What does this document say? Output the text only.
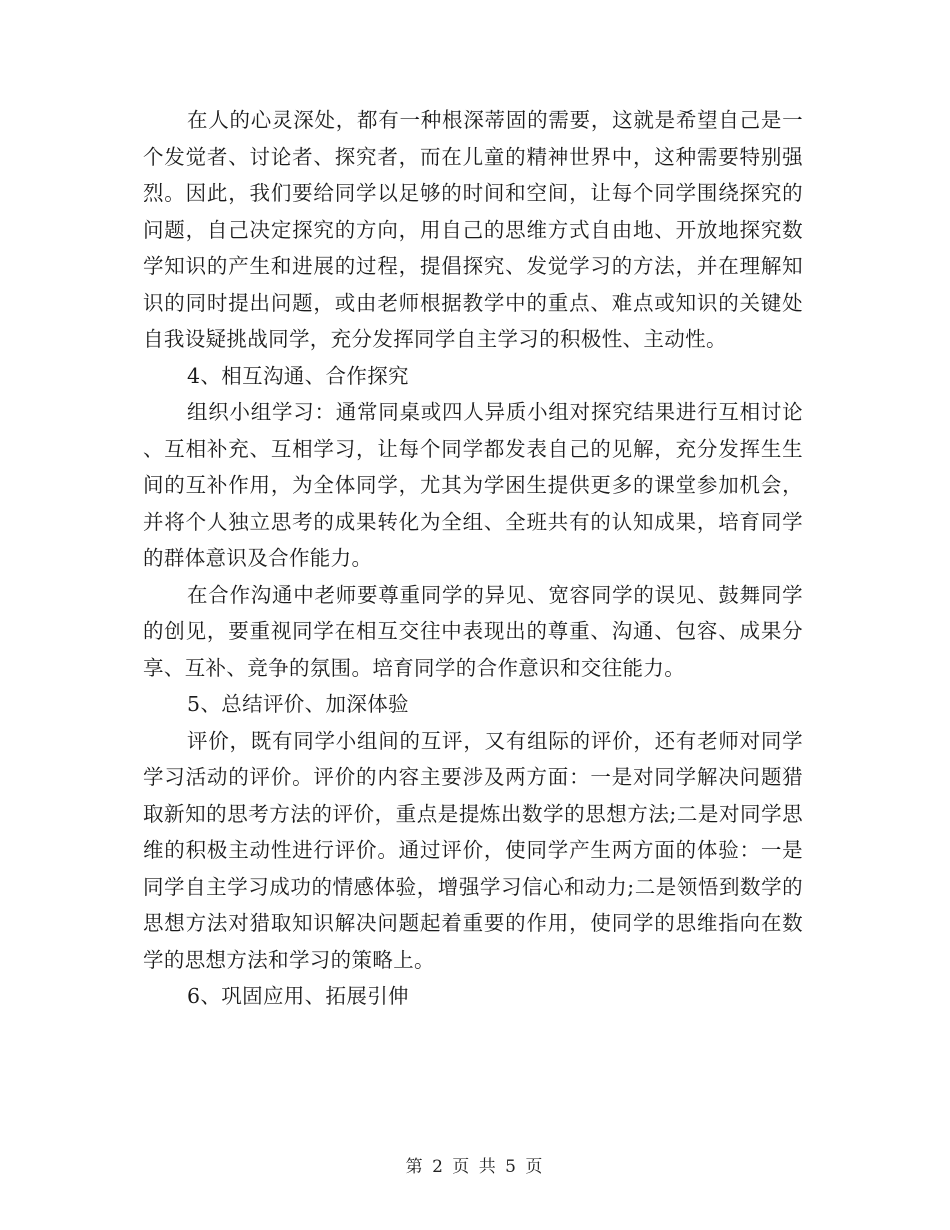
在人的心灵深处，都有一种根深蒂固的需要，这就是希望自己是一个发觉者、讨论者、探究者，而在儿童的精神世界中，这种需要特别强烈。因此，我们要给同学以足够的时间和空间，让每个同学围绕探究的问题，自己决定探究的方向，用自己的思维方式自由地、开放地探究数学知识的产生和进展的过程，提倡探究、发觉学习的方法，并在理解知识的同时提出问题，或由老师根据教学中的重点、难点或知识的关键处自我设疑挑战同学，充分发挥同学自主学习的积极性、主动性。

4、相互沟通、合作探究

组织小组学习：通常同桌或四人异质小组对探究结果进行互相讨论、互相补充、互相学习，让每个同学都发表自己的见解，充分发挥生生间的互补作用，为全体同学，尤其为学困生提供更多的课堂参加机会，并将个人独立思考的成果转化为全组、全班共有的认知成果，培育同学的群体意识及合作能力。

在合作沟通中老师要尊重同学的异见、宽容同学的误见、鼓舞同学的创见，要重视同学在相互交往中表现出的尊重、沟通、包容、成果分享、互补、竞争的氛围。培育同学的合作意识和交往能力。

5、总结评价、加深体验

评价，既有同学小组间的互评，又有组际的评价，还有老师对同学学习活动的评价。评价的内容主要涉及两方面：一是对同学解决问题猎取新知的思考方法的评价，重点是提炼出数学的思想方法;二是对同学思维的积极主动性进行评价。通过评价，使同学产生两方面的体验：一是同学自主学习成功的情感体验，增强学习信心和动力;二是领悟到数学的思想方法对猎取知识解决问题起着重要的作用，使同学的思维指向在数学的思想方法和学习的策略上。

6、巩固应用、拓展引伸

第 2 页 共 5 页
